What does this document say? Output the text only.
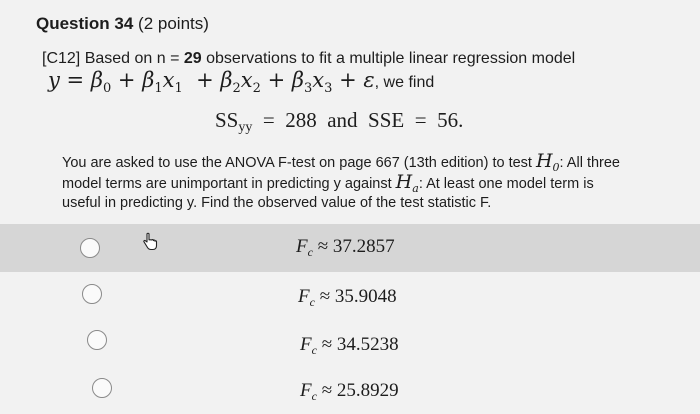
Question 34 (2 points)
[C12] Based on n = 29 observations to fit a multiple linear regression model
$y = \beta_0 + \beta_1x_1 + \beta_2x_2 + \beta_3x_3 + \varepsilon$, we find
SSyy  =  288 and SSE  =  56.
You are asked to use the ANOVA F-test on page 667 (13th edition) to test $H_0$: All three model terms are unimportant in predicting y against $H_a$: At least one model term is useful in predicting y. Find the observed value of the test statistic F.
$F_c \approx 37.2857$
$F_c \approx 35.9048$
$F_c \approx 34.5238$
$F_c \approx 25.8929$
